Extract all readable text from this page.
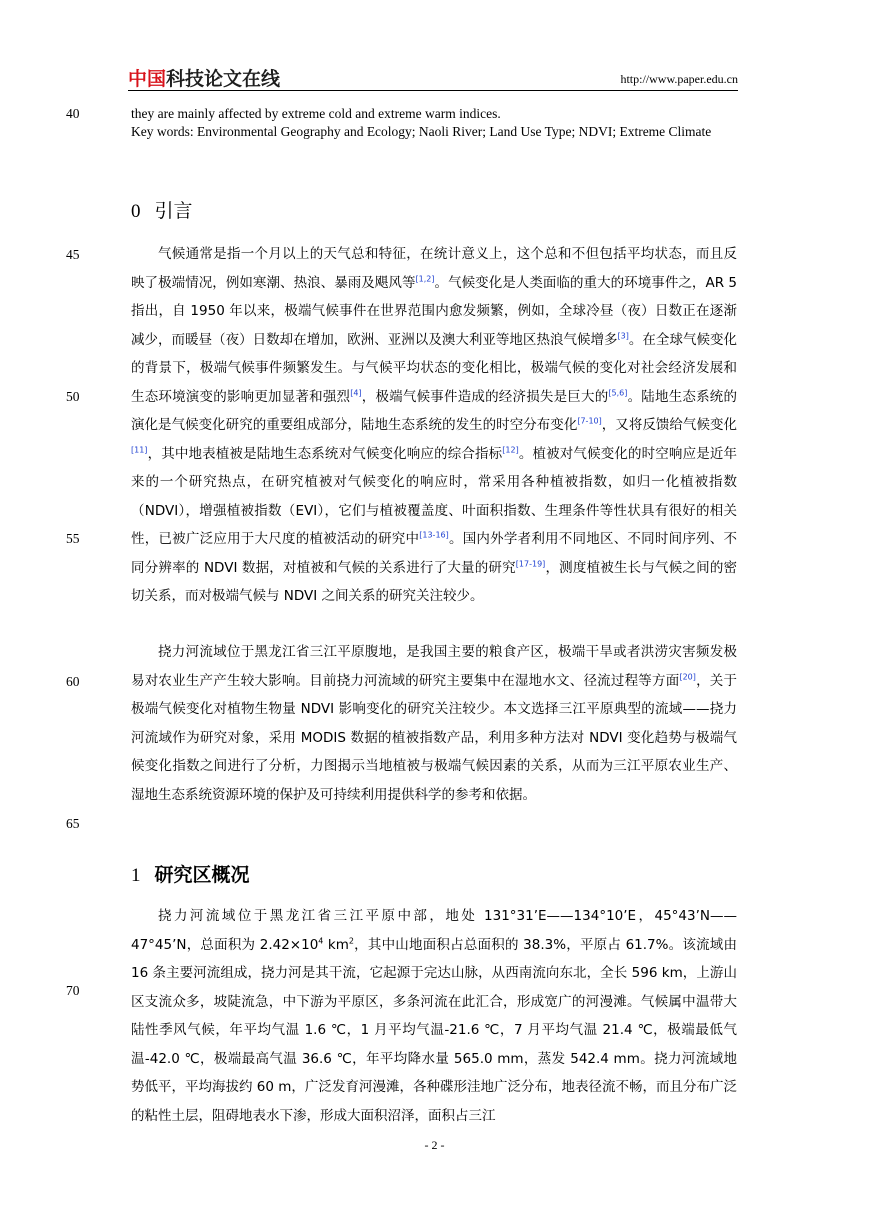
中国科技论文在线	http://www.paper.edu.cn
40
45
50
55
60
65
70

they are mainly affected by extreme cold and extreme warm indices.

Key words: Environmental Geography and Ecology; Naoli River; Land Use Type; NDVI; Extreme Climate

0 引言

气候通常是指一个月以上的天气总和特征，在统计意义上，这个总和不但包括平均状态，而且反映了极端情况，例如寒潮、热浪、暴雨及飓风等[1,2]。气候变化是人类面临的重大的环境事件之，AR 5 指出，自 1950 年以来，极端气候事件在世界范围内愈发频繁，例如，全球冷昼（夜）日数正在逐渐减少，而暖昼（夜）日数却在增加，欧洲、亚洲以及澳大利亚等地区热浪气候增多[3]。在全球气候变化的背景下，极端气候事件频繁发生。与气候平均状态的变化相比，极端气候的变化对社会经济发展和生态环境演变的影响更加显著和强烈[4]，极端气候事件造成的经济损失是巨大的[5,6]。陆地生态系统的演化是气候变化研究的重要组成部分，陆地生态系统的发生的时空分布变化[7-10]，又将反馈给气候变化[11]，其中地表植被是陆地生态系统对气候变化响应的综合指标[12]。植被对气候变化的时空响应是近年来的一个研究热点，在研究植被对气候变化的响应时，常采用各种植被指数，如归一化植被指数（NDVI），增强植被指数（EVI），它们与植被覆盖度、叶面积指数、生理条件等性状具有很好的相关性，已被广泛应用于大尺度的植被活动的研究中[13-16]。国内外学者利用不同地区、不同时间序列、不同分辨率的 NDVI 数据，对植被和气候的关系进行了大量的研究[17-19]，测度植被生长与气候之间的密切关系，而对极端气候与 NDVI 之间关系的研究关注较少。

挠力河流域位于黑龙江省三江平原腹地，是我国主要的粮食产区，极端干旱或者洪涝灾害频发极易对农业生产产生较大影响。目前挠力河流域的研究主要集中在湿地水文、径流过程等方面[20]，关于极端气候变化对植物生物量 NDVI 影响变化的研究关注较少。本文选择三江平原典型的流域——挠力河流域作为研究对象，采用 MODIS 数据的植被指数产品，利用多种方法对 NDVI 变化趋势与极端气候变化指数之间进行了分析，力图揭示当地植被与极端气候因素的关系，从而为三江平原农业生产、湿地生态系统资源环境的保护及可持续利用提供科学的参考和依据。

1 研究区概况

挠力河流域位于黑龙江省三江平原中部，地处 131°31’E——134°10’E，45°43’N——47°45’N，总面积为 $2.42\times 10^4$ $km^2$，其中山地面积占总面积的 38.3%，平原占 61.7%。该流域由 16 条主要河流组成，挠力河是其干流，它起源于完达山脉，从西南流向东北，全长 596 km，上游山区支流众多，坡陡流急，中下游为平原区，多条河流在此汇合，形成宽广的河漫滩。气候属中温带大陆性季风气候，年平均气温 1.6 ℃，1 月平均气温-21.6 ℃，7 月平均气温 21.4 ℃，极端最低气温-42.0 ℃，极端最高气温 36.6 ℃，年平均降水量 565.0 mm，蒸发 542.4 mm。挠力河流域地势低平，平均海拔约 60 m，广泛发育河漫滩，各种碟形洼地广泛分布，地表径流不畅，而且分布广泛的粘性土层，阻碍地表水下渗，形成大面积沼泽，面积占三江

- 2 -
